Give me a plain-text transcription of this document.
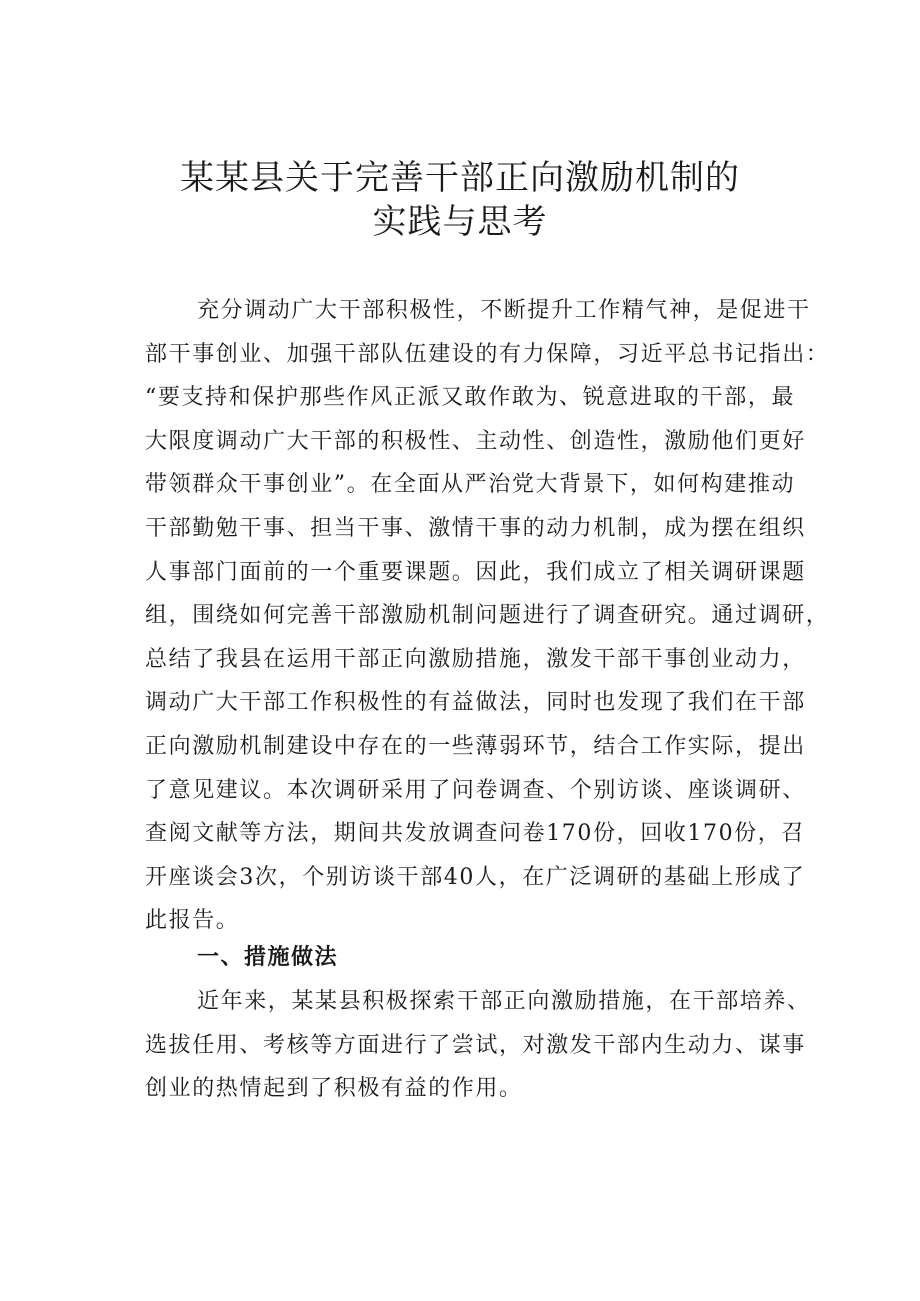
某某县关于完善干部正向激励机制的
实践与思考
充分调动广大干部积极性，不断提升工作精气神，是促进干
部干事创业、加强干部队伍建设的有力保障，习近平总书记指出：
“要支持和保护那些作风正派又敢作敢为、锐意进取的干部，最
大限度调动广大干部的积极性、主动性、创造性，激励他们更好
带领群众干事创业”。在全面从严治党大背景下，如何构建推动
干部勤勉干事、担当干事、激情干事的动力机制，成为摆在组织
人事部门面前的一个重要课题。因此，我们成立了相关调研课题
组，围绕如何完善干部激励机制问题进行了调查研究。通过调研，
总结了我县在运用干部正向激励措施，激发干部干事创业动力，
调动广大干部工作积极性的有益做法，同时也发现了我们在干部
正向激励机制建设中存在的一些薄弱环节，结合工作实际，提出
了意见建议。本次调研采用了问卷调查、个别访谈、座谈调研、
查阅文献等方法，期间共发放调查问卷170份，回收170份，召
开座谈会3次，个别访谈干部40人，在广泛调研的基础上形成了
此报告。
一、措施做法
近年来，某某县积极探索干部正向激励措施，在干部培养、
选拔任用、考核等方面进行了尝试，对激发干部内生动力、谋事
创业的热情起到了积极有益的作用。
